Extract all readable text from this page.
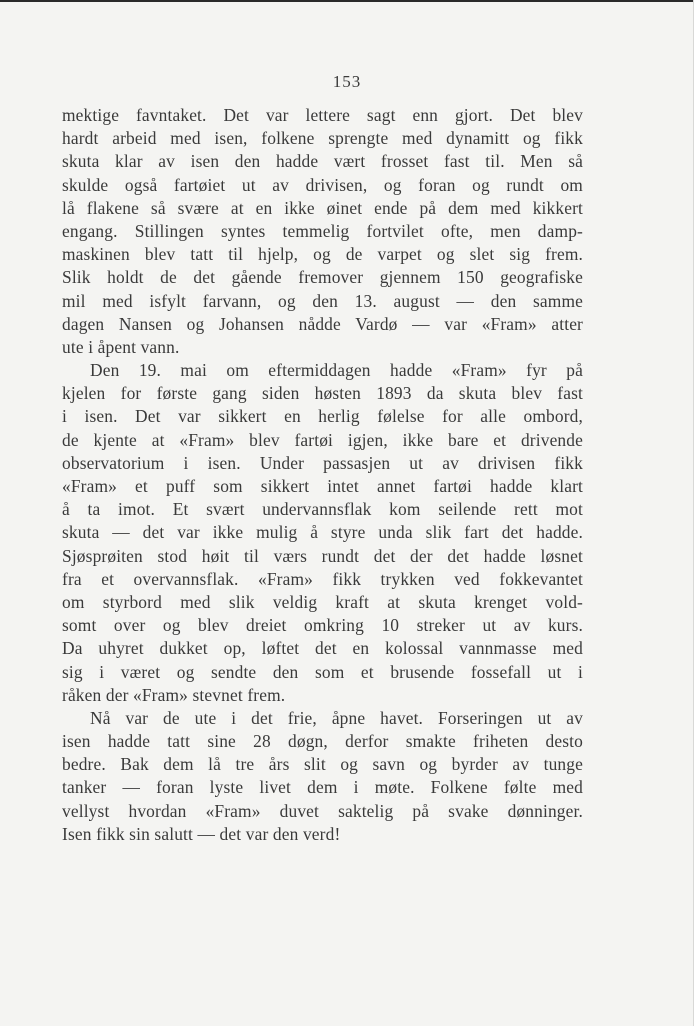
153
mektige favntaket. Det var lettere sagt enn gjort. Det blev
hardt arbeid med isen, folkene sprengte med dynamitt og fikk
skuta klar av isen den hadde vært frosset fast til. Men så
skulde også fartøiet ut av drivisen, og foran og rundt om
lå flakene så svære at en ikke øinet ende på dem med kikkert
engang. Stillingen syntes temmelig fortvilet ofte, men damp-
maskinen blev tatt til hjelp, og de varpet og slet sig frem.
Slik holdt de det gående fremover gjennem 150 geografiske
mil med isfylt farvann, og den 13. august — den samme
dagen Nansen og Johansen nådde Vardø — var «Fram» atter
ute i åpent vann.
Den 19. mai om eftermiddagen hadde «Fram» fyr på
kjelen for første gang siden høsten 1893 da skuta blev fast
i isen. Det var sikkert en herlig følelse for alle ombord,
de kjente at «Fram» blev fartøi igjen, ikke bare et drivende
observatorium i isen. Under passasjen ut av drivisen fikk
«Fram» et puff som sikkert intet annet fartøi hadde klart
å ta imot. Et svært undervannsflak kom seilende rett mot
skuta — det var ikke mulig å styre unda slik fart det hadde.
Sjøsprøiten stod høit til værs rundt det der det hadde løsnet
fra et overvannsflak. «Fram» fikk trykken ved fokkevantet
om styrbord med slik veldig kraft at skuta krenget vold-
somt over og blev dreiet omkring 10 streker ut av kurs.
Da uhyret dukket op, løftet det en kolossal vannmasse med
sig i været og sendte den som et brusende fossefall ut i
råken der «Fram» stevnet frem.
Nå var de ute i det frie, åpne havet. Forseringen ut av
isen hadde tatt sine 28 døgn, derfor smakte friheten desto
bedre. Bak dem lå tre års slit og savn og byrder av tunge
tanker — foran lyste livet dem i møte. Folkene følte med
vellyst hvordan «Fram» duvet saktelig på svake dønninger.
Isen fikk sin salutt — det var den verd!
